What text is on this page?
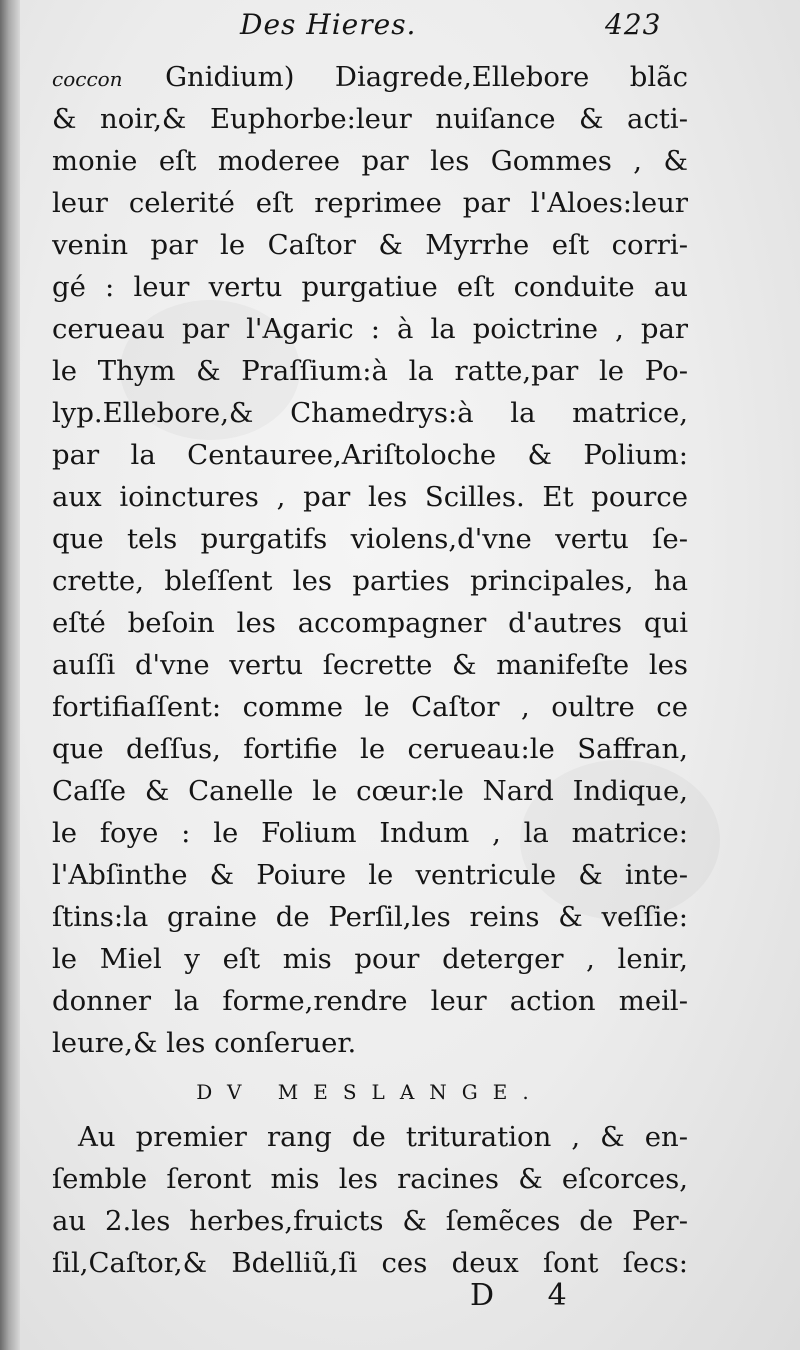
Des Hieres.	423
coccon Gnidium) Diagrede,Ellebore blãc
& noir,& Euphorbe:leur nuiſance & acti-
monie eſt moderee par les Gommes , &
leur celerité eſt reprimee par l'Aloes:leur
venin par le Caſtor & Myrrhe eſt corri-
gé : leur vertu purgatiue eſt conduite au
cerueau par l'Agaric : à la poictrine , par
le Thym & Praſſium:à la ratte,par le Po-
lyp.Ellebore,& Chamedrys:à la matrice,
par la Centauree,Ariſtoloche & Polium:
aux ioinctures , par les Scilles. Et pource
que tels purgatifs violens,d'vne vertu ſe-
crette, bleſſent les parties principales, ha
eſté beſoin les accompagner d'autres qui
auſſi d'vne vertu ſecrette & manifeſte les
fortifiaſſent: comme le Caſtor , oultre ce
que deſſus, fortifie le cerueau:le Saffran,
Caſſe & Canelle le cœur:le Nard Indique,
le foye : le Folium Indum , la matrice:
l'Abſinthe & Poiure le ventricule & inte-
ſtins:la graine de Perſil,les reins & veſſie:
le Miel y eſt mis pour deterger , lenir,
donner la forme,rendre leur action meil-
leure,& les conſeruer.
DV MESLANGE.
Au premier rang de trituration , & en-
ſemble ſeront mis les racines & eſcorces,
au 2.les herbes,fruicts & ſemẽces de Per-
ſil,Caſtor,& Bdelliũ,ſi ces deux ſont ſecs:
D 4
